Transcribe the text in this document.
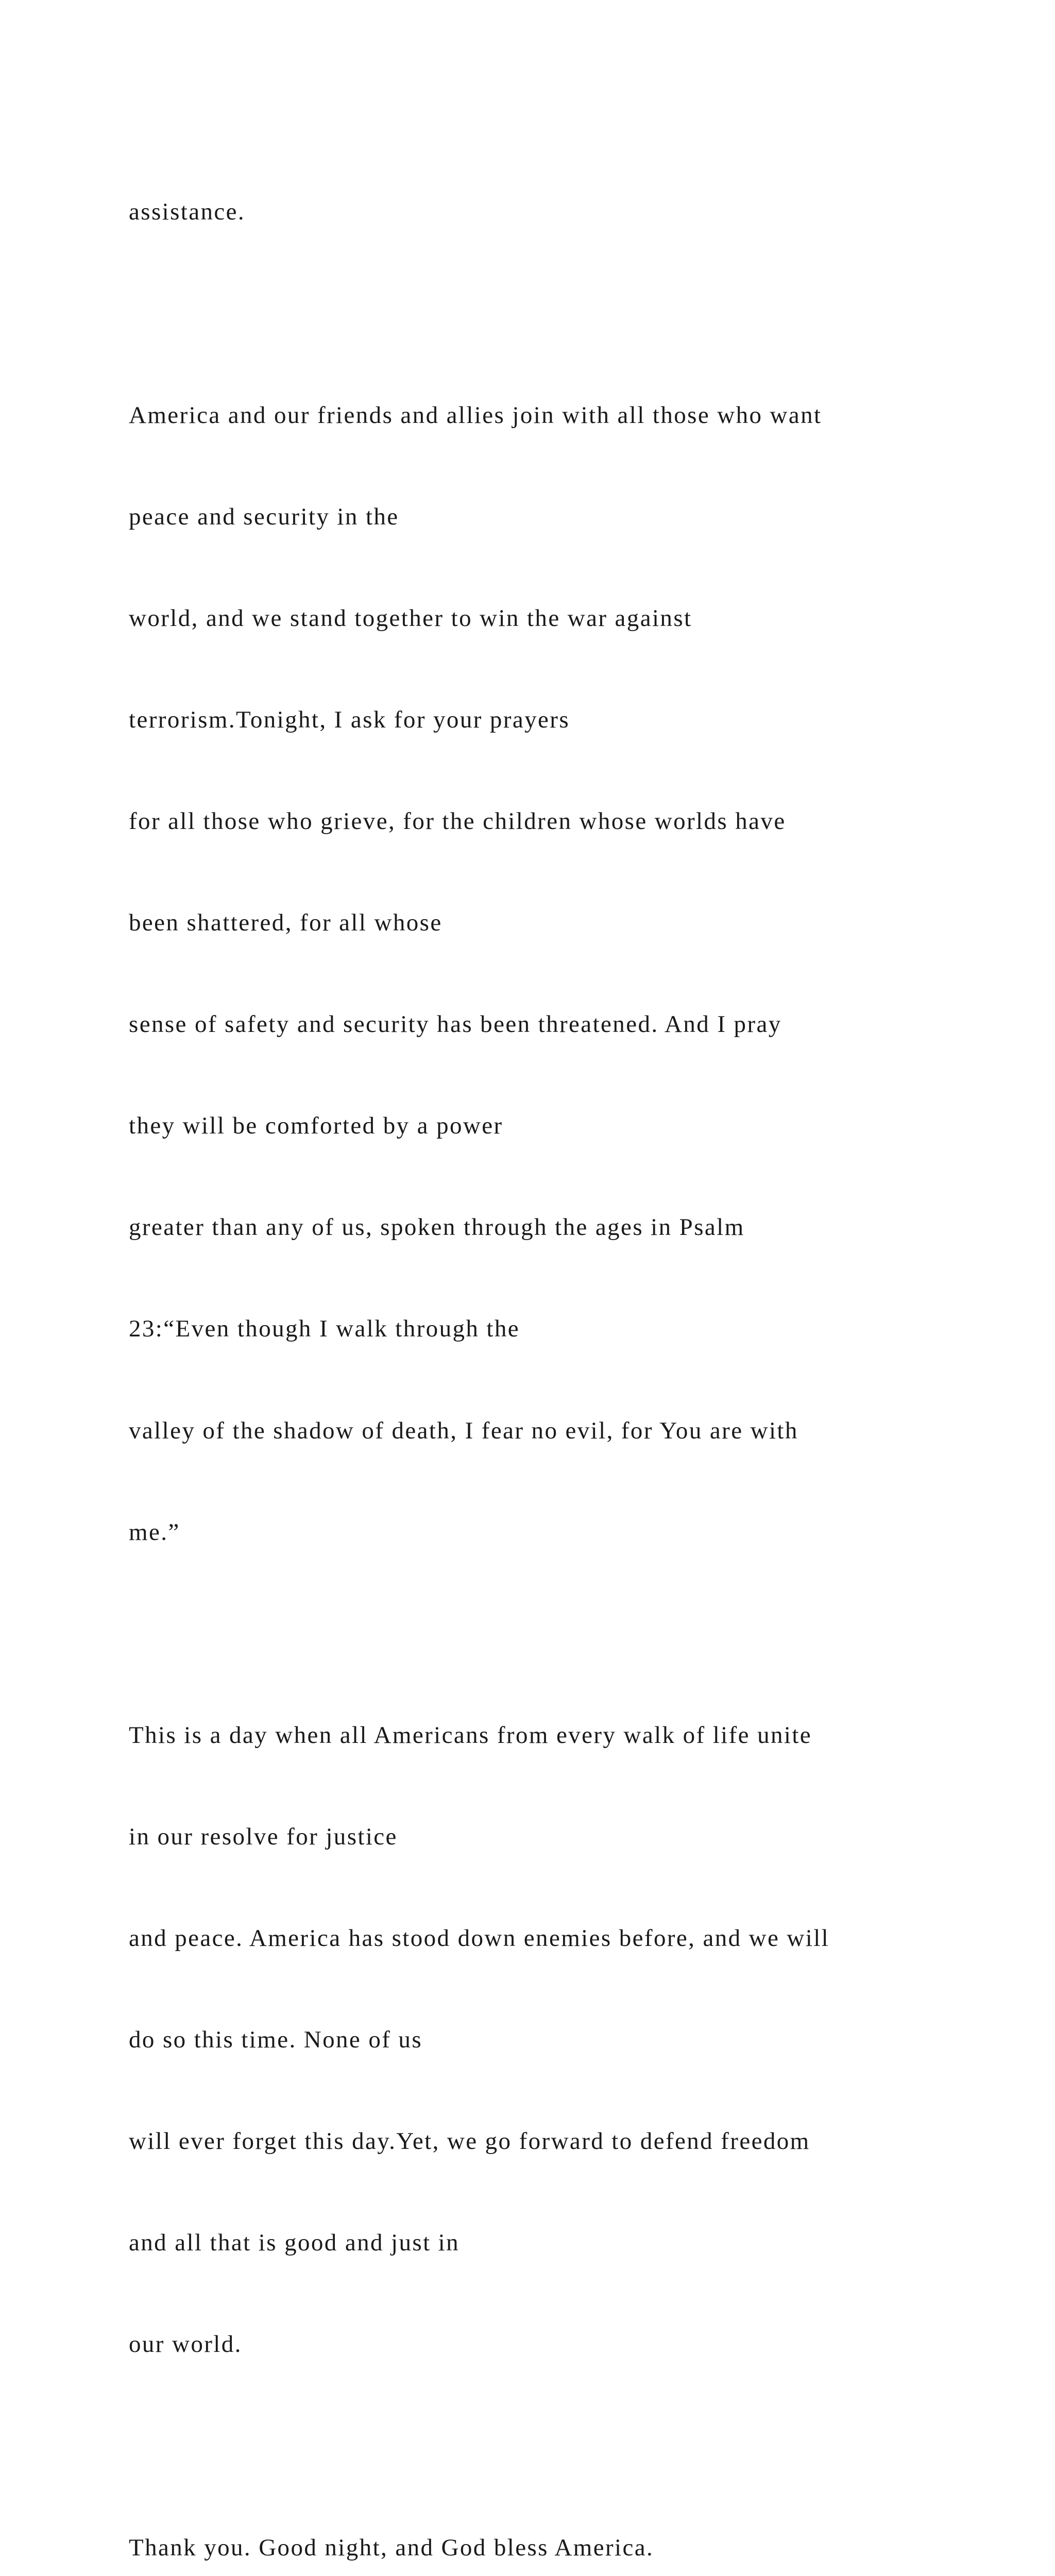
assistance.

America and our friends and allies join with all those who want

peace and security in the

world, and we stand together to win the war against

terrorism.Tonight, I ask for your prayers

for all those who grieve, for the children whose worlds have

been shattered, for all whose

sense of safety and security has been threatened. And I pray

they will be comforted by a power

greater than any of us, spoken through the ages in Psalm

23:“Even though I walk through the

valley of the shadow of death, I fear no evil, for You are with

me.”

This is a day when all Americans from every walk of life unite

in our resolve for justice

and peace. America has stood down enemies before, and we will

do so this time. None of us

will ever forget this day.Yet, we go forward to defend freedom

and all that is good and just in

our world.

Thank you. Good night, and God bless America.
